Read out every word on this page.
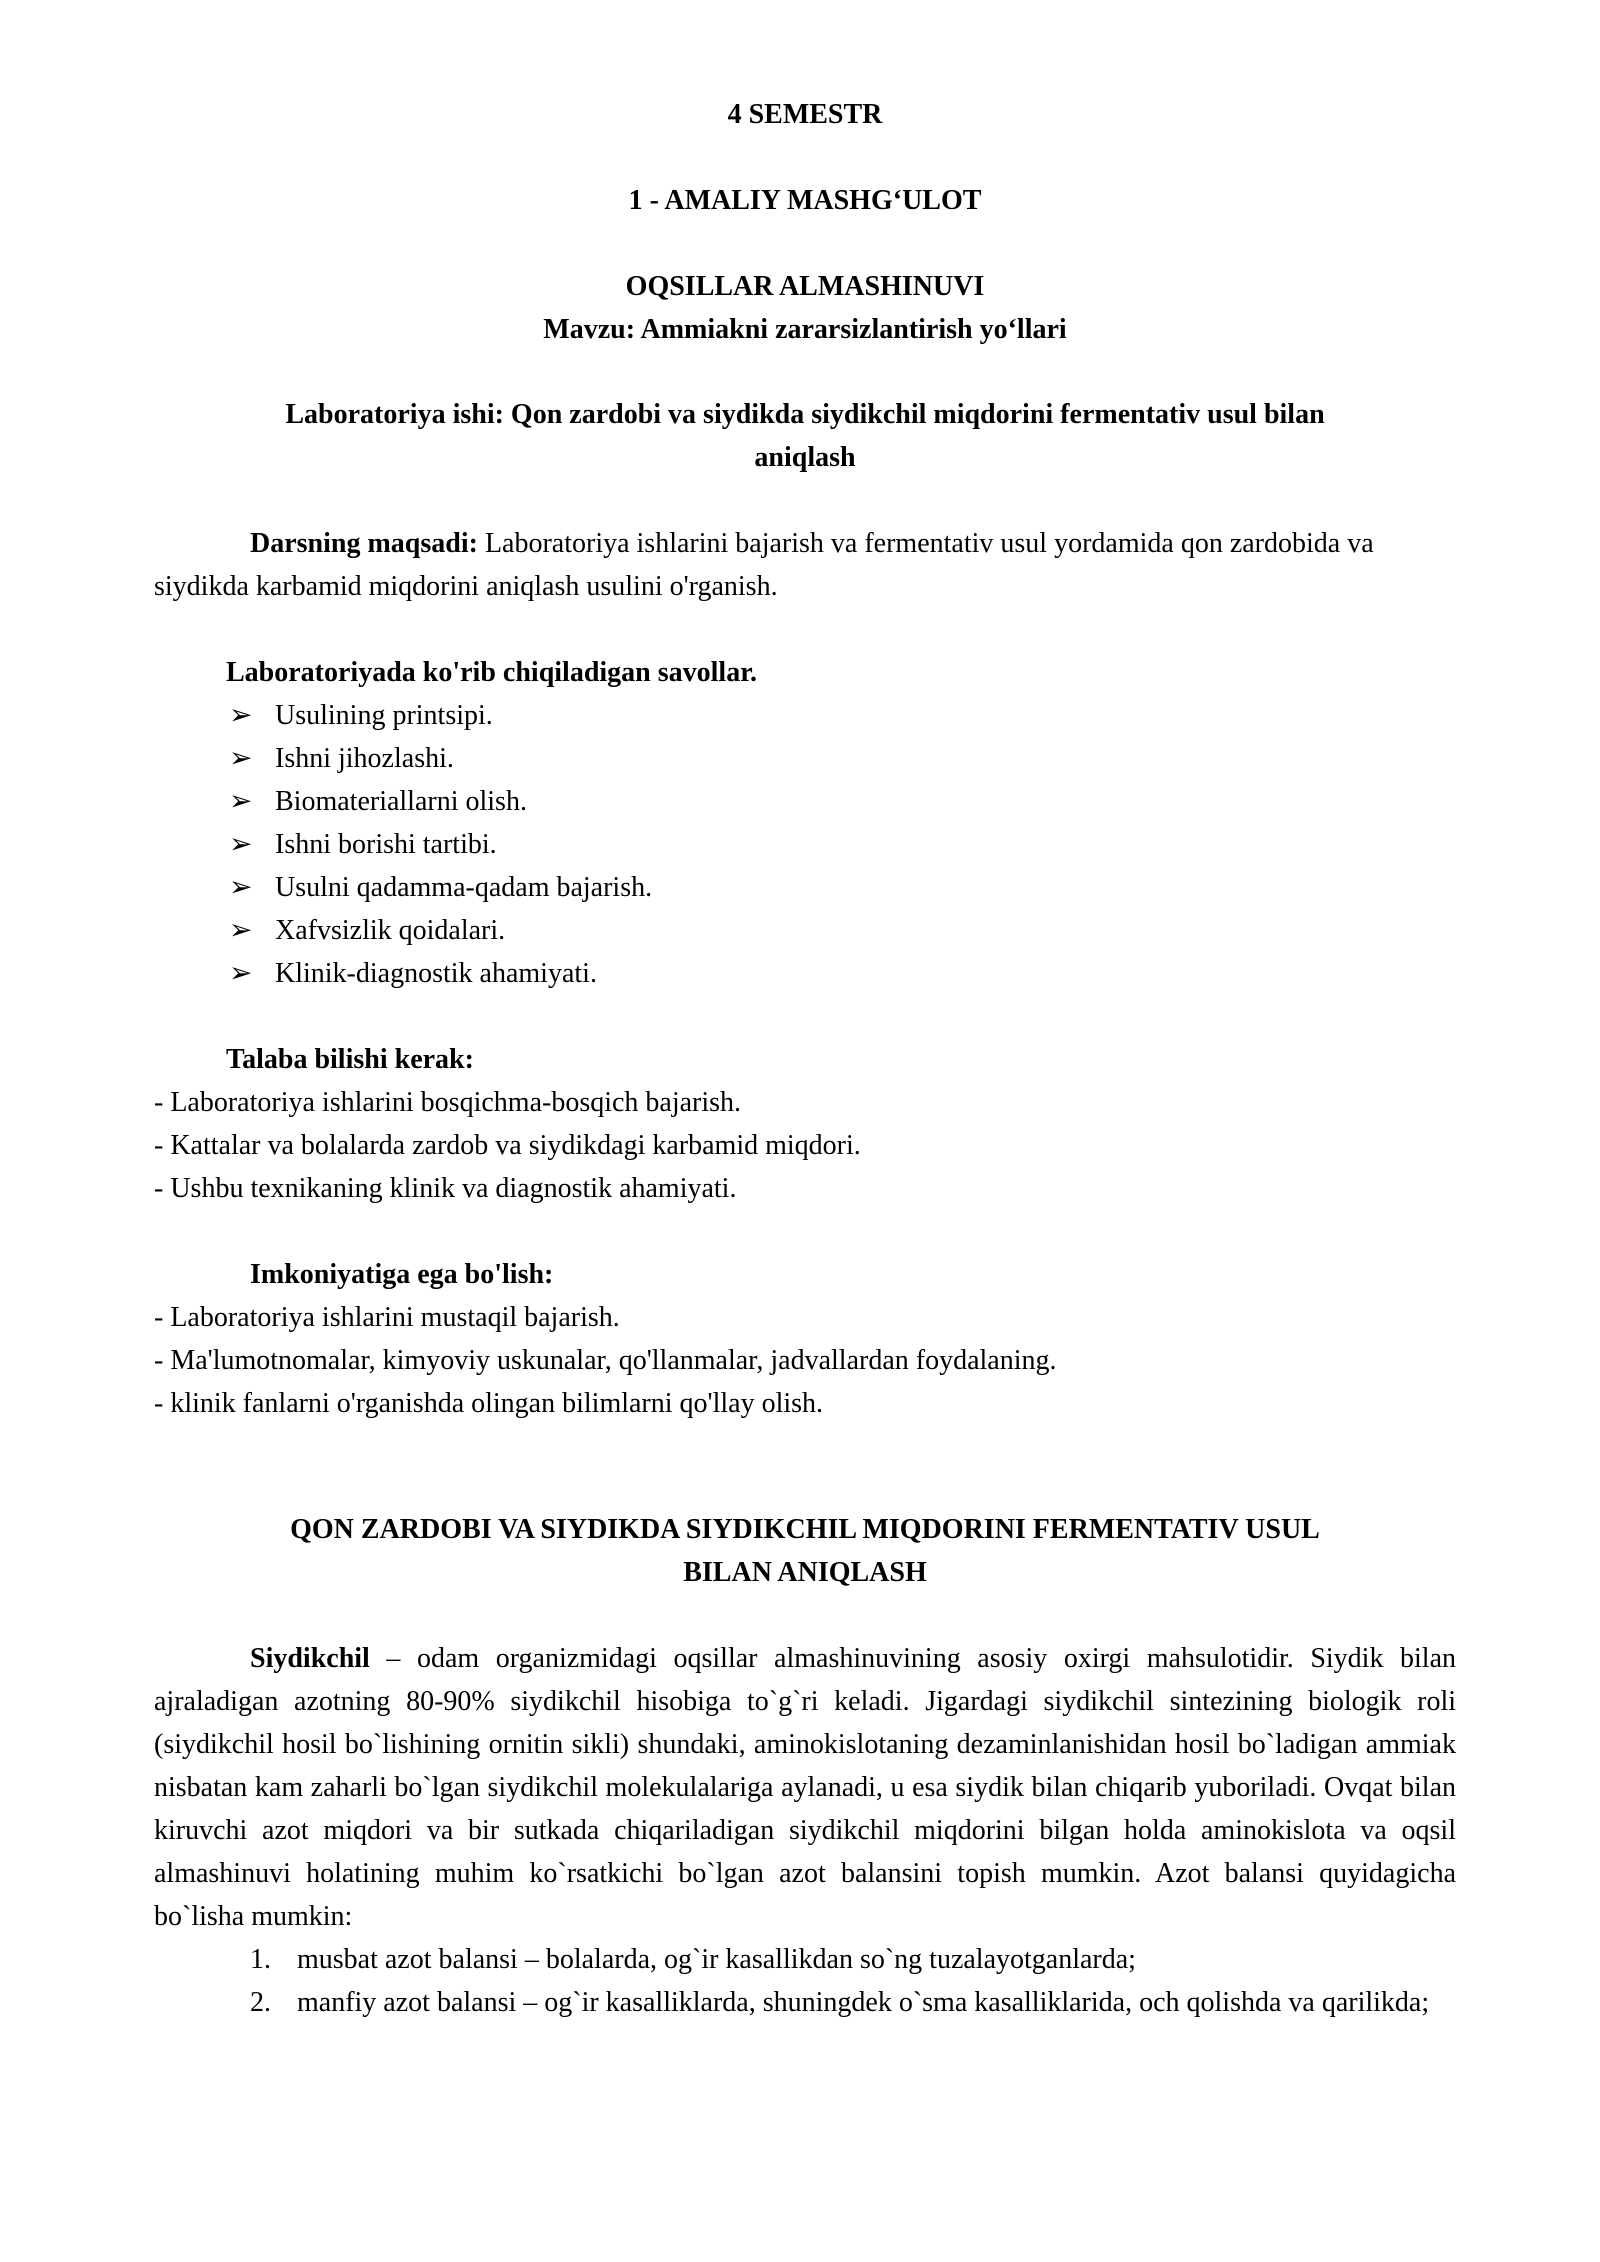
4 SEMESTR

1 - AMALIY MASHG‘ULOT

OQSILLAR ALMASHINUVI

Mavzu: Ammiakni zararsizlantirish yo‘llari

Laboratoriya ishi: Qon zardobi va siydikda siydikchil miqdorini fermentativ usul bilan

aniqlash

Darsning maqsadi: Laboratoriya ishlarini bajarish va fermentativ usul yordamida qon zardobida va siydikda karbamid miqdorini aniqlash usulini o'rganish.

Laboratoriyada ko'rib chiqiladigan savollar.

➢ Usulining printsipi.
➢ Ishni jihozlashi.
➢ Biomateriallarni olish.
➢ Ishni borishi tartibi.
➢ Usulni qadamma-qadam bajarish.
➢ Xafvsizlik qoidalari.
➢ Klinik-diagnostik ahamiyati.

Talaba bilishi kerak:

- Laboratoriya ishlarini bosqichma-bosqich bajarish.

- Kattalar va bolalarda zardob va siydikdagi karbamid miqdori.

- Ushbu texnikaning klinik va diagnostik ahamiyati.

Imkoniyatiga ega bo'lish:

- Laboratoriya ishlarini mustaqil bajarish.

- Ma'lumotnomalar, kimyoviy uskunalar, qo'llanmalar, jadvallardan foydalaning.

- klinik fanlarni o'rganishda olingan bilimlarni qo'llay olish.

QON ZARDOBI VA SIYDIKDA SIYDIKCHIL MIQDORINI FERMENTATIV USUL

BILAN ANIQLASH

Siydikchil – odam organizmidagi oqsillar almashinuvining asosiy oxirgi mahsulotidir. Siydik bilan ajraladigan azotning 80-90% siydikchil hisobiga to`g`ri keladi. Jigardagi siydikchil sintezining biologik roli (siydikchil hosil bo`lishining ornitin sikli) shundaki, aminokislotaning dezaminlanishidan hosil bo`ladigan ammiak nisbatan kam zaharli bo`lgan siydikchil molekulalariga aylanadi, u esa siydik bilan chiqarib yuboriladi. Ovqat bilan kiruvchi azot miqdori va bir sutkada chiqariladigan siydikchil miqdorini bilgan holda aminokislota va oqsil almashinuvi holatining muhim ko`rsatkichi bo`lgan azot balansini topish mumkin. Azot balansi quyidagicha bo`lisha mumkin:

1. musbat azot balansi – bolalarda, og`ir kasallikdan so`ng tuzalayotganlarda;
2. manfiy azot balansi – og`ir kasalliklarda, shuningdek o`sma kasalliklarida, och qolishda va qarilikda;
